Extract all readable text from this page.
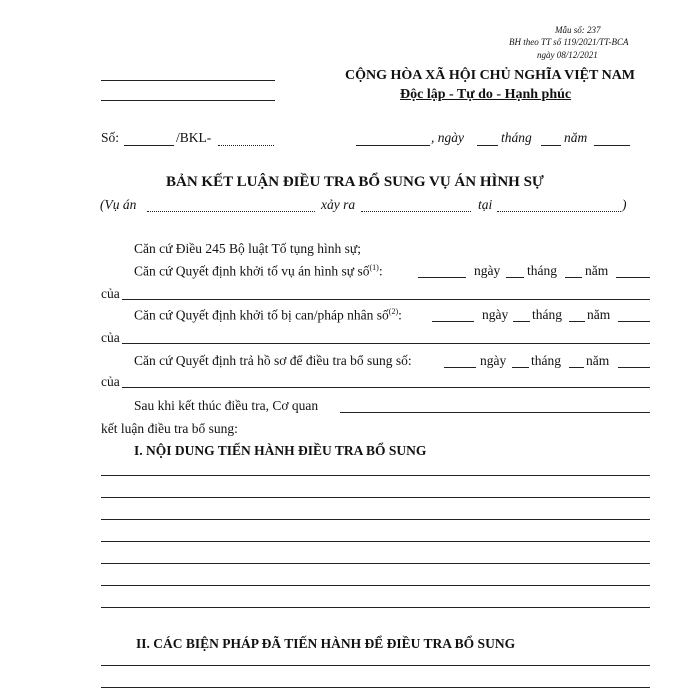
Mẫu số: 237
BH theo TT số 119/2021/TT-BCA
ngày 08/12/2021
CỘNG HÒA XÃ HỘI CHỦ NGHĨA VIỆT NAM
Độc lập - Tự do - Hạnh phúc
Số:	/BKL-	, ngày	tháng năm
BẢN KẾT LUẬN ĐIỀU TRA BỔ SUNG VỤ ÁN HÌNH SỰ
(Vụ án	xảy ra	tại	)
Căn cứ Điều 245 Bộ luật Tố tụng hình sự;
Căn cứ Quyết định khởi tố vụ án hình sự số$^{(1)}$:	ngày tháng năm
của
Căn cứ Quyết định khởi tố bị can/pháp nhân số$^{(2)}$:	ngày tháng năm
của
Căn cứ Quyết định trả hồ sơ để điều tra bổ sung số:	ngày tháng năm
của
Sau khi kết thúc điều tra, Cơ quan
kết luận điều tra bổ sung:
I. NỘI DUNG TIẾN HÀNH ĐIỀU TRA BỔ SUNG
II. CÁC BIỆN PHÁP ĐÃ TIẾN HÀNH ĐỂ ĐIỀU TRA BỔ SUNG
